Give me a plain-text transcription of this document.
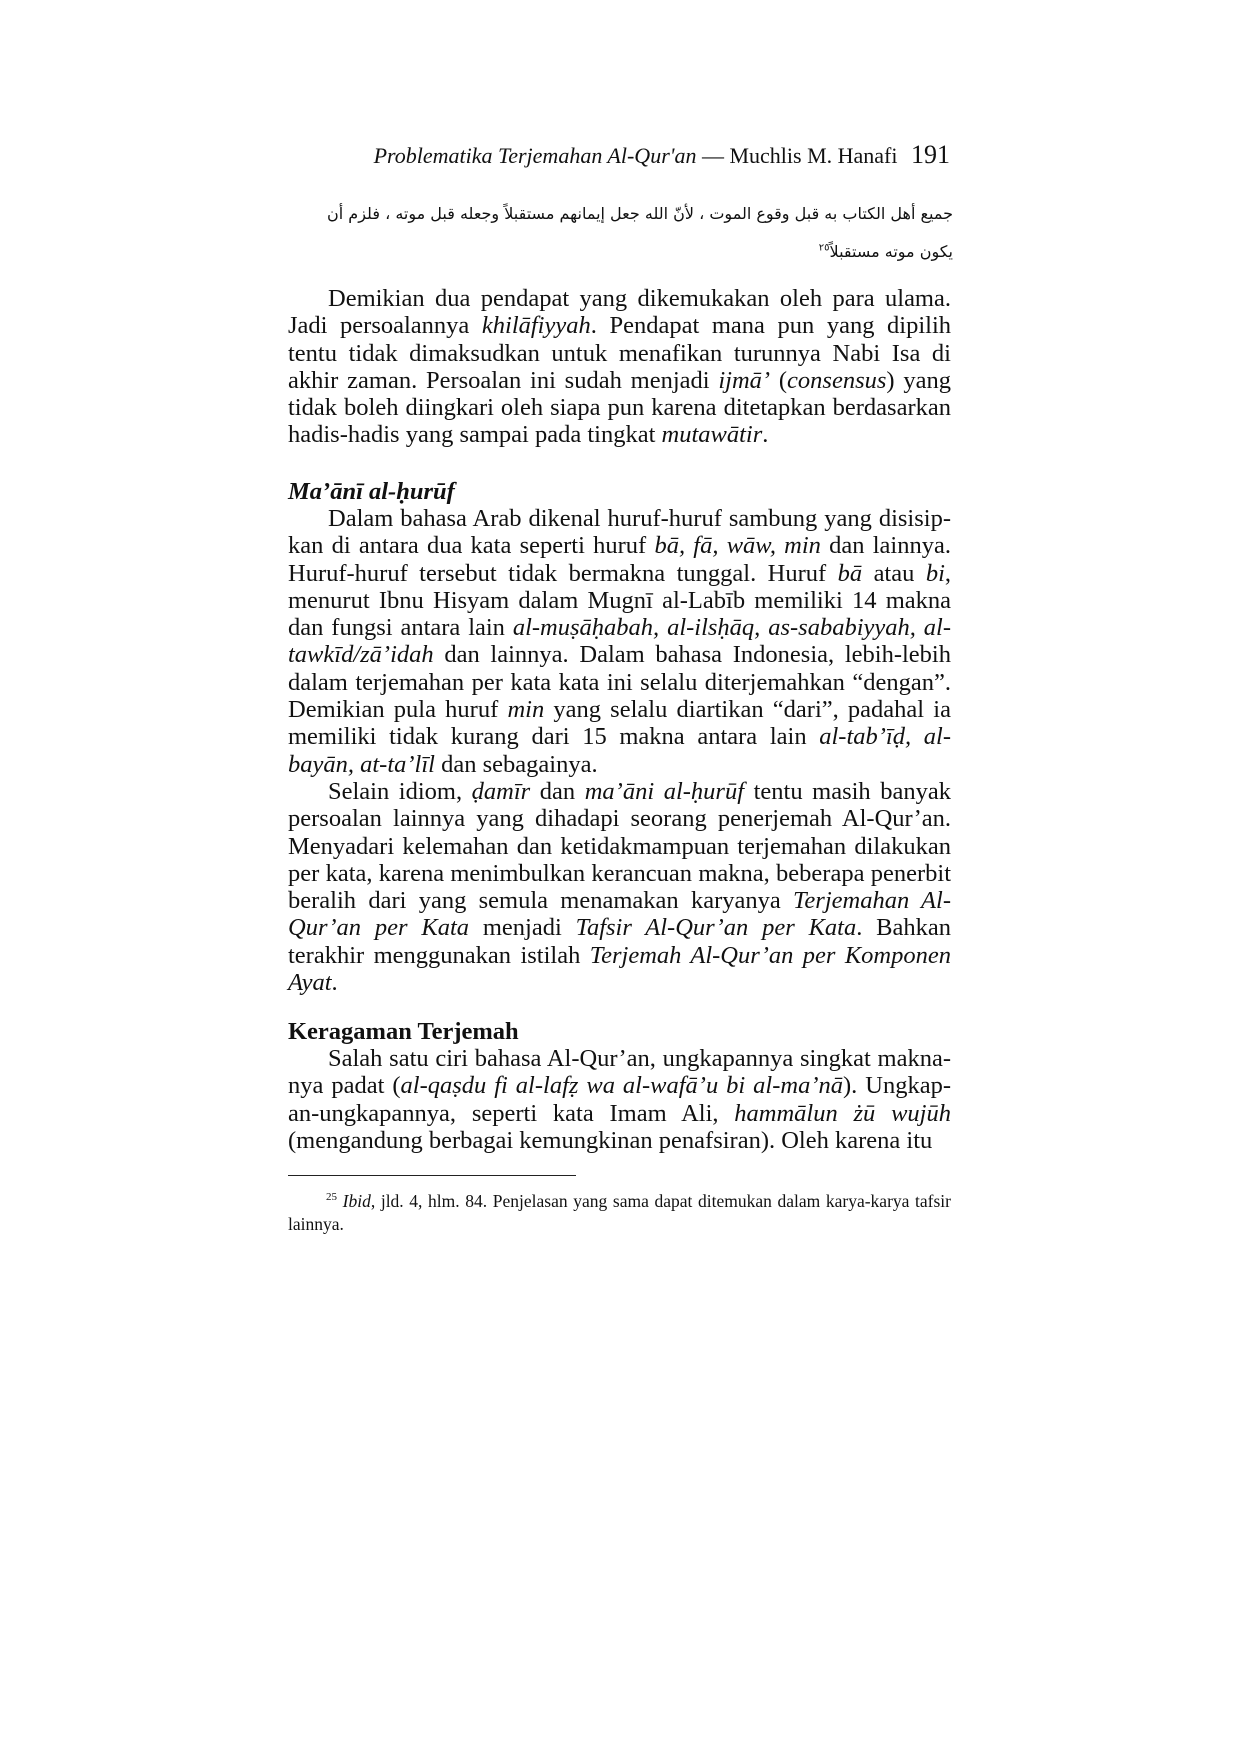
Problematika Terjemahan Al-Qur'an — Muchlis M. Hanafi 191
جميع أهل الكتاب به قبل وقوع الموت ، لأنّ الله جعل إيمانهم مستقبلاً وجعله قبل موته ، فلزم أن
يكون موته مستقبلاً$^{٢٥}$

Demikian dua pendapat yang dikemukakan oleh para ulama. Jadi persoalannya khilāfiyyah. Pendapat mana pun yang dipilih tentu tidak dimaksudkan untuk menafikan turunnya Nabi Isa di akhir zaman. Persoalan ini sudah menjadi ijmā’ (consensus) yang tidak boleh diingkari oleh siapa pun karena ditetapkan berdasarkan hadis-hadis yang sampai pada tingkat mutawātir.

Ma’ānī al-ḥurūf

Dalam bahasa Arab dikenal huruf-huruf sambung yang disisipkan di antara dua kata seperti huruf bā, fā, wāw, min dan lainnya. Huruf-huruf tersebut tidak bermakna tunggal. Huruf bā atau bi, menurut Ibnu Hisyam dalam Mugnī al-Labīb memiliki 14 makna dan fungsi antara lain al-muṣāḥabah, al-ilsḥāq, as-sababiyyah, al-tawkīd/zā’idah dan lainnya. Dalam bahasa Indonesia, lebih-lebih dalam terjemahan per kata kata ini selalu diterjemahkan “dengan”. Demikian pula huruf min yang selalu diartikan “dari”, padahal ia memiliki tidak kurang dari 15 makna antara lain al-tab’īḍ, al-bayān, at-ta’līl dan sebagainya.

Selain idiom, ḍamīr dan ma’āni al-ḥurūf tentu masih banyak persoalan lainnya yang dihadapi seorang penerjemah Al-Qur’an. Menyadari kelemahan dan ketidakmampuan terjemahan dilakukan per kata, karena menimbulkan kerancuan makna, beberapa penerbit beralih dari yang semula menamakan karyanya Terjemahan Al-Qur’an per Kata menjadi Tafsir Al-Qur’an per Kata. Bahkan terakhir menggunakan istilah Terjemah Al-Qur’an per Komponen Ayat.

Keragaman Terjemah

Salah satu ciri bahasa Al-Qur’an, ungkapannya singkat maknanya padat (al-qaṣdu fi al-lafẓ wa al-wafā’u bi al-ma’nā). Ungkapan-ungkapannya, seperti kata Imam Ali, hammālun żū wujūh (mengandung berbagai kemungkinan penafsiran). Oleh karena itu

$^{25}$ Ibid, jld. 4, hlm. 84. Penjelasan yang sama dapat ditemukan dalam karya-karya tafsir lainnya.
